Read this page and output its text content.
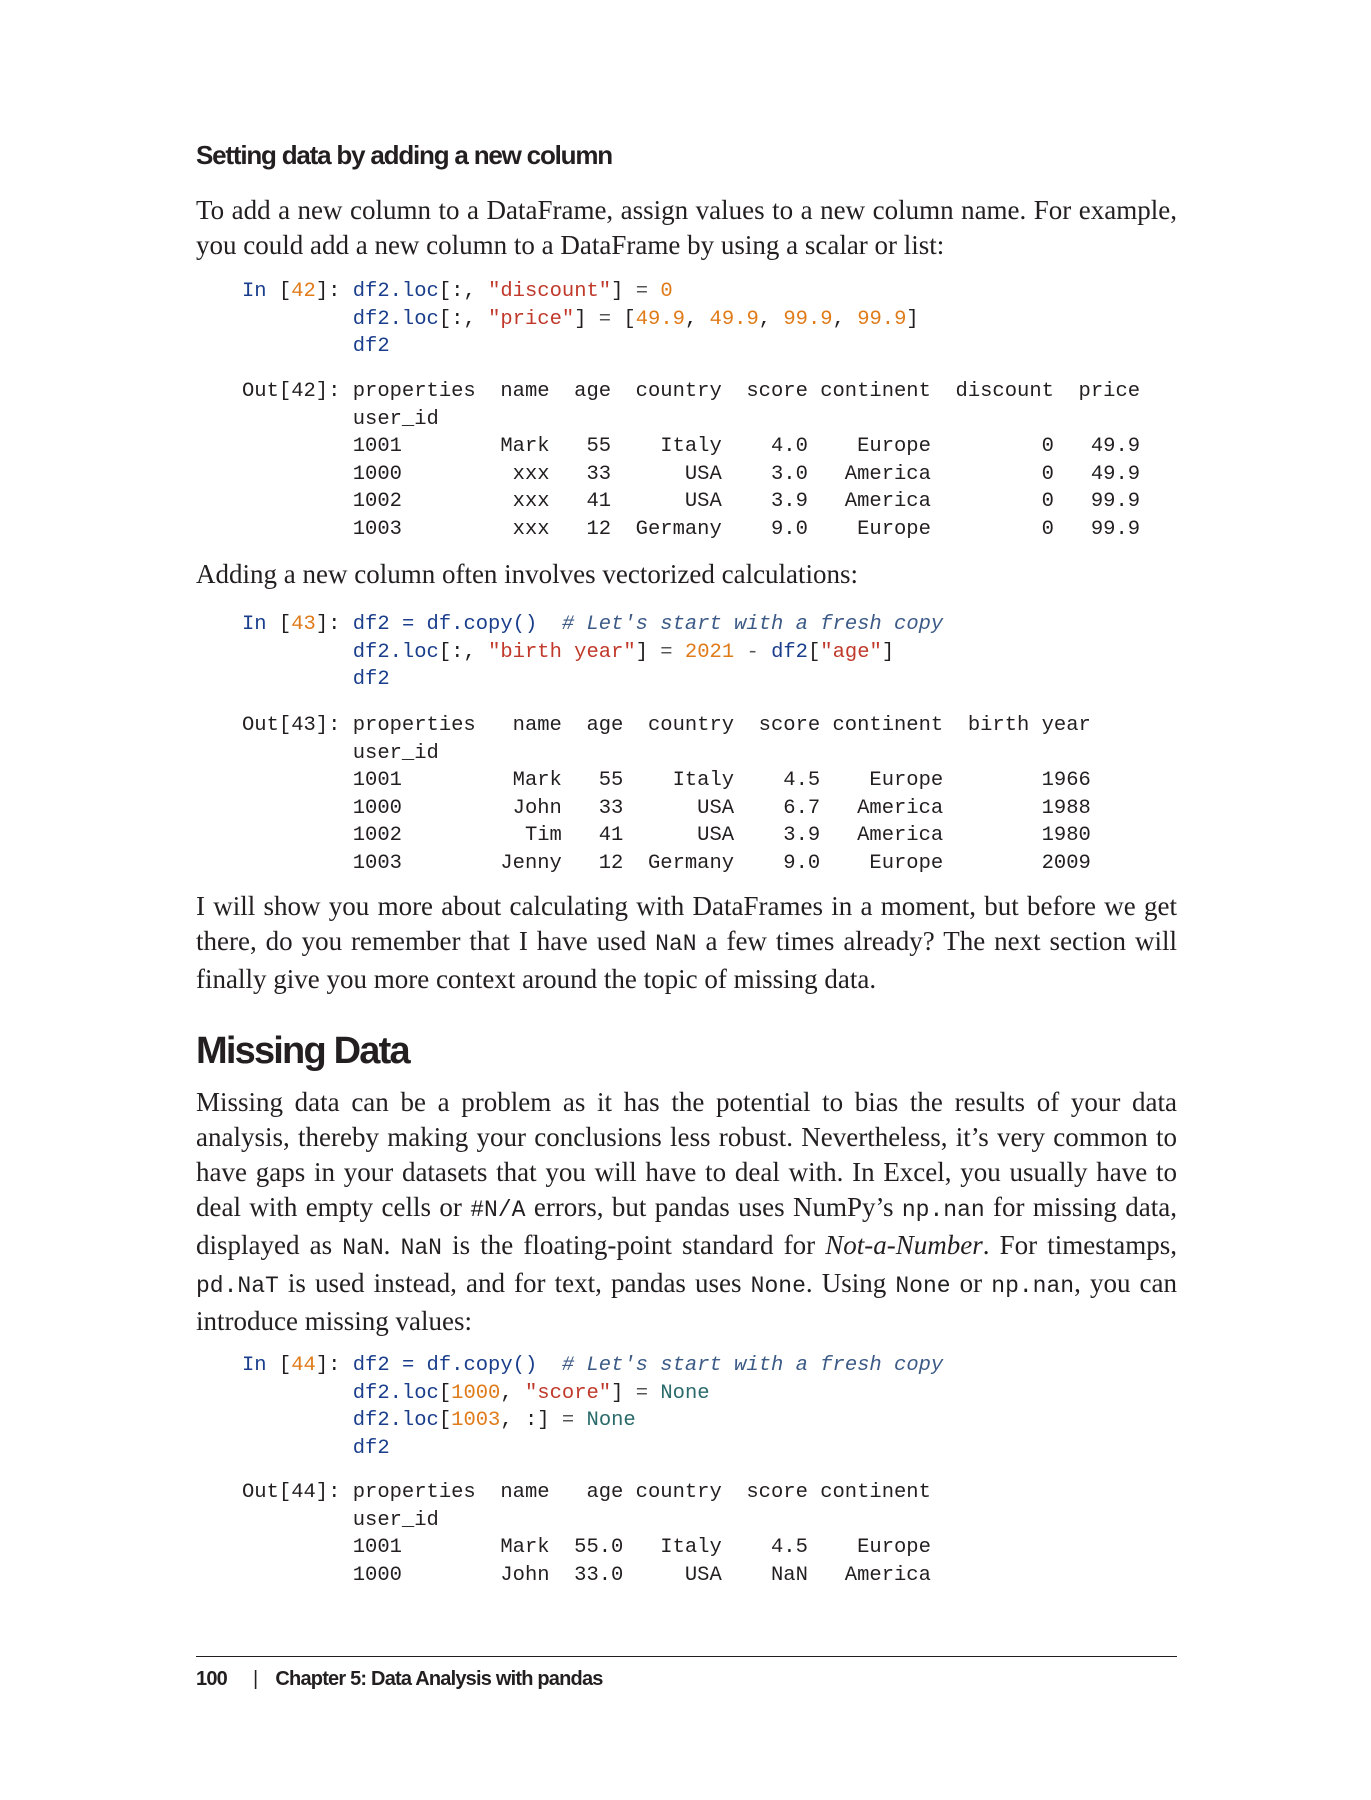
Setting data by adding a new column

To add a new column to a DataFrame, assign values to a new column name. For example, you could add a new column to a DataFrame by using a scalar or list:

In [42]: df2.loc[:, "discount"] = 0
df2.loc[:, "price"] = [49.9, 49.9, 99.9, 99.9]
df2
Out[42]: properties  name  age  country  score continent  discount  price
user_id
1001        Mark   55    Italy    4.0    Europe         0   49.9
1000         xxx   33      USA    3.0   America         0   49.9
1002         xxx   41      USA    3.9   America         0   99.9
1003         xxx   12  Germany    9.0    Europe         0   99.9

Adding a new column often involves vectorized calculations:

In [43]: df2 = df.copy() # Let's start with a fresh copy
df2.loc[:, "birth year"] = 2021 - df2["age"]
df2
Out[43]: properties   name  age  country  score continent  birth year
user_id
1001         Mark   55    Italy    4.5    Europe        1966
1000         John   33      USA    6.7   America        1988
1002          Tim   41      USA    3.9   America        1980
1003        Jenny   12  Germany    9.0    Europe        2009

I will show you more about calculating with DataFrames in a moment, but before we get there, do you remember that I have used NaN a few times already? The next section will finally give you more context around the topic of missing data.

Missing Data

Missing data can be a problem as it has the potential to bias the results of your data analysis, thereby making your conclusions less robust. Nevertheless, it’s very common to have gaps in your datasets that you will have to deal with. In Excel, you usually have to deal with empty cells or #N/A errors, but pandas uses NumPy’s np.nan for missing data, displayed as NaN. NaN is the floating-point standard for Not-a-Number. For timestamps, pd.NaT is used instead, and for text, pandas uses None. Using None or np.nan, you can introduce missing values:

In [44]: df2 = df.copy() # Let's start with a fresh copy
df2.loc[1000, "score"] = None
df2.loc[1003, :] = None
df2
Out[44]: properties  name   age country  score continent
user_id
1001        Mark  55.0   Italy    4.5    Europe
1000        John  33.0     USA    NaN   America
100 | Chapter 5: Data Analysis with pandas
